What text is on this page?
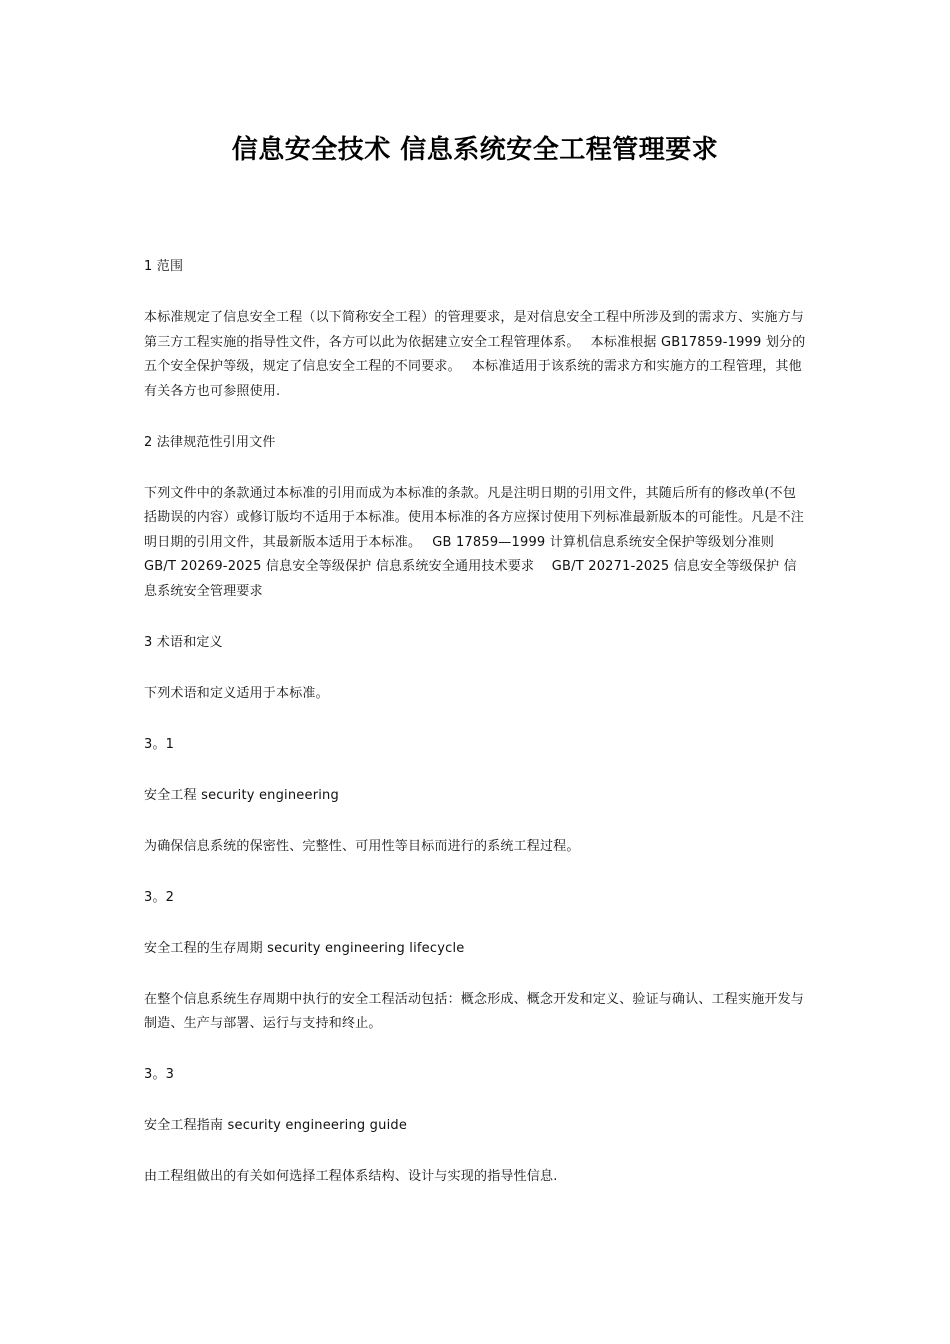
信息安全技术 信息系统安全工程管理要求

1 范围

本标准规定了信息安全工程（以下简称安全工程）的管理要求，是对信息安全工程中所涉及到的需求方、实施方与第三方工程实施的指导性文件，各方可以此为依据建立安全工程管理体系。　 本标准根据 GB17859-1999 划分的五个安全保护等级，规定了信息安全工程的不同要求。　 本标准适用于该系统的需求方和实施方的工程管理，其他有关各方也可参照使用.

2 法律规范性引用文件

下列文件中的条款通过本标准的引用而成为本标准的条款。凡是注明日期的引用文件，其随后所有的修改单(不包括勘误的内容）或修订版均不适用于本标准。使用本标准的各方应探讨使用下列标准最新版本的可能性。凡是不注明日期的引用文件，其最新版本适用于本标准。　 GB 17859—1999 计算机信息系统安全保护等级划分准则　 GB/T 20269-2025 信息安全等级保护 信息系统安全通用技术要求　 GB/T 20271-2025 信息安全等级保护 信息系统安全管理要求

3 术语和定义

下列术语和定义适用于本标准。

3。1

安全工程 security engineering

为确保信息系统的保密性、完整性、可用性等目标而进行的系统工程过程。

3。2

安全工程的生存周期 security engineering lifecycle

在整个信息系统生存周期中执行的安全工程活动包括：概念形成、概念开发和定义、验证与确认、工程实施开发与制造、生产与部署、运行与支持和终止。

3。3

安全工程指南 security engineering guide

由工程组做出的有关如何选择工程体系结构、设计与实现的指导性信息.
